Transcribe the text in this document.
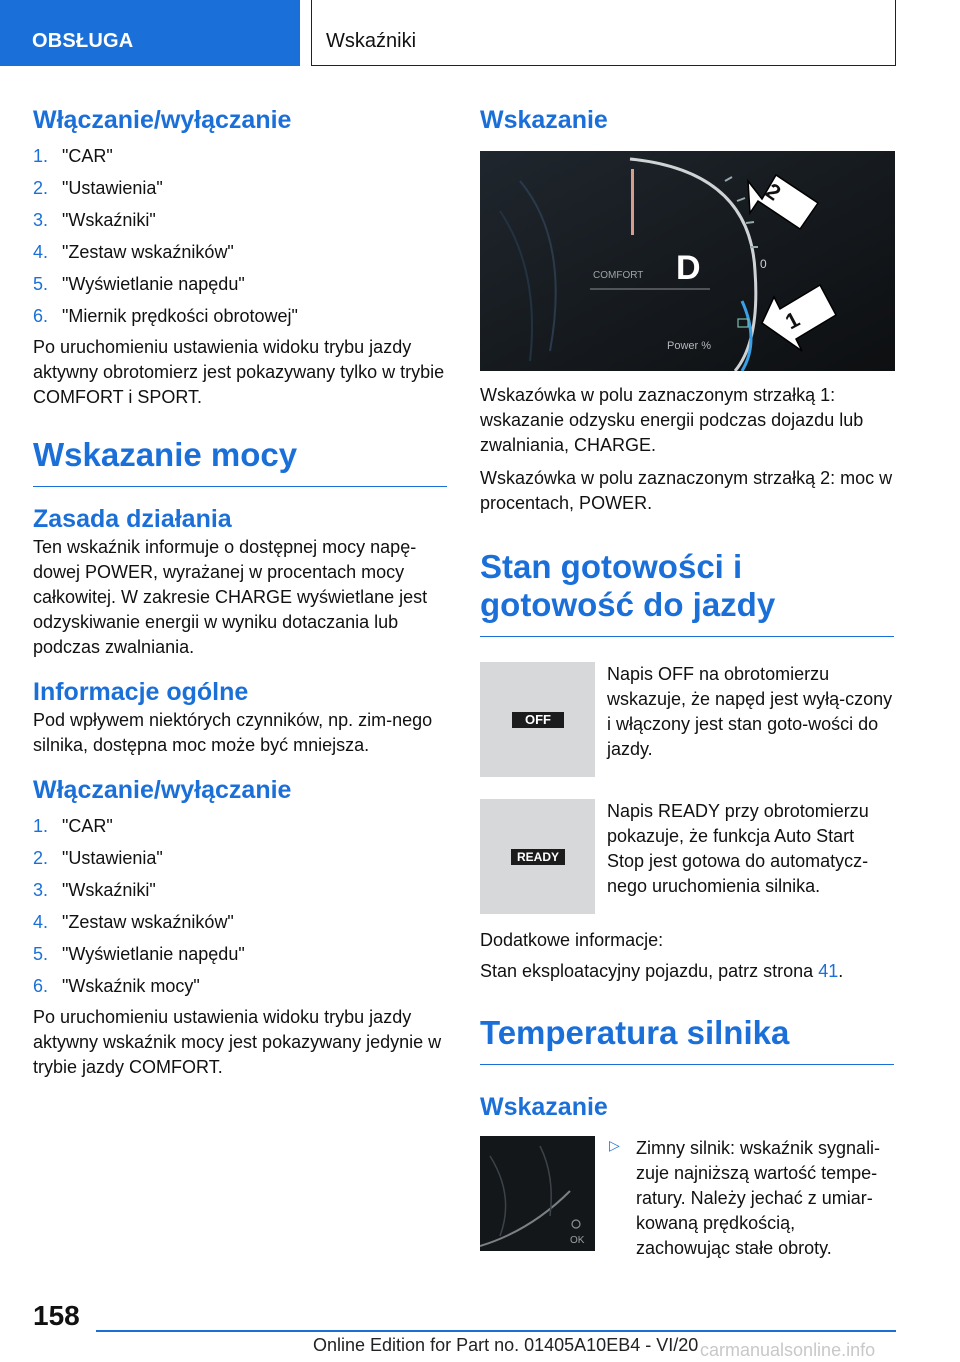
OBSŁUGA	Wskaźniki
Włączanie/wyłączanie
1. "CAR"
2. "Ustawienia"
3. "Wskaźniki"
4. "Zestaw wskaźników"
5. "Wyświetlanie napędu"
6. "Miernik prędkości obrotowej"

Po uruchomieniu ustawienia widoku trybu jazdy aktywny obrotomierz jest pokazywany tylko w trybie COMFORT i SPORT.

Wskazanie mocy
Zasada działania

Ten wskaźnik informuje o dostępnej mocy napę-dowej POWER, wyrażanej w procentach mocy całkowitej. W zakresie CHARGE wyświetlane jest odzyskiwanie energii w wyniku dotaczania lub podczas zwalniania.

Informacje ogólne

Pod wpływem niektórych czynników, np. zim-nego silnika, dostępna moc może być mniejsza.

Włączanie/wyłączanie
1. "CAR"
2. "Ustawienia"
3. "Wskaźniki"
4. "Zestaw wskaźników"
5. "Wyświetlanie napędu"
6. "Wskaźnik mocy"

Po uruchomieniu ustawienia widoku trybu jazdy aktywny wskaźnik mocy jest pokazywany jedynie w trybie jazdy COMFORT.

Wskazanie
0
COMFORT D
Power %
2
1

Wskazówka w polu zaznaczonym strzałką 1: wskazanie odzysku energii podczas dojazdu lub zwalniania, CHARGE.

Wskazówka w polu zaznaczonym strzałką 2: moc w procentach, POWER.

Stan gotowości i gotowość do jazdy
OFF

Napis OFF na obrotomierzu wskazuje, że napęd jest wyłą-czony i włączony jest stan goto-wości do jazdy.

READY

Napis READY przy obrotomierzu pokazuje, że funkcja Auto Start Stop jest gotowa do automatycz-nego uruchomienia silnika.

Dodatkowe informacje:

Stan eksploatacyjny pojazdu, patrz strona 41.

Temperatura silnika
Wskazanie
OK
▷ Zimny silnik: wskaźnik sygnali-zuje najniższą wartość tempe-ratury. Należy jechać z umiar-kowaną prędkością, zachowując stałe obroty.

158
Online Edition for Part no. 01405A10EB4 - VI/20 carmanualsonline.info
